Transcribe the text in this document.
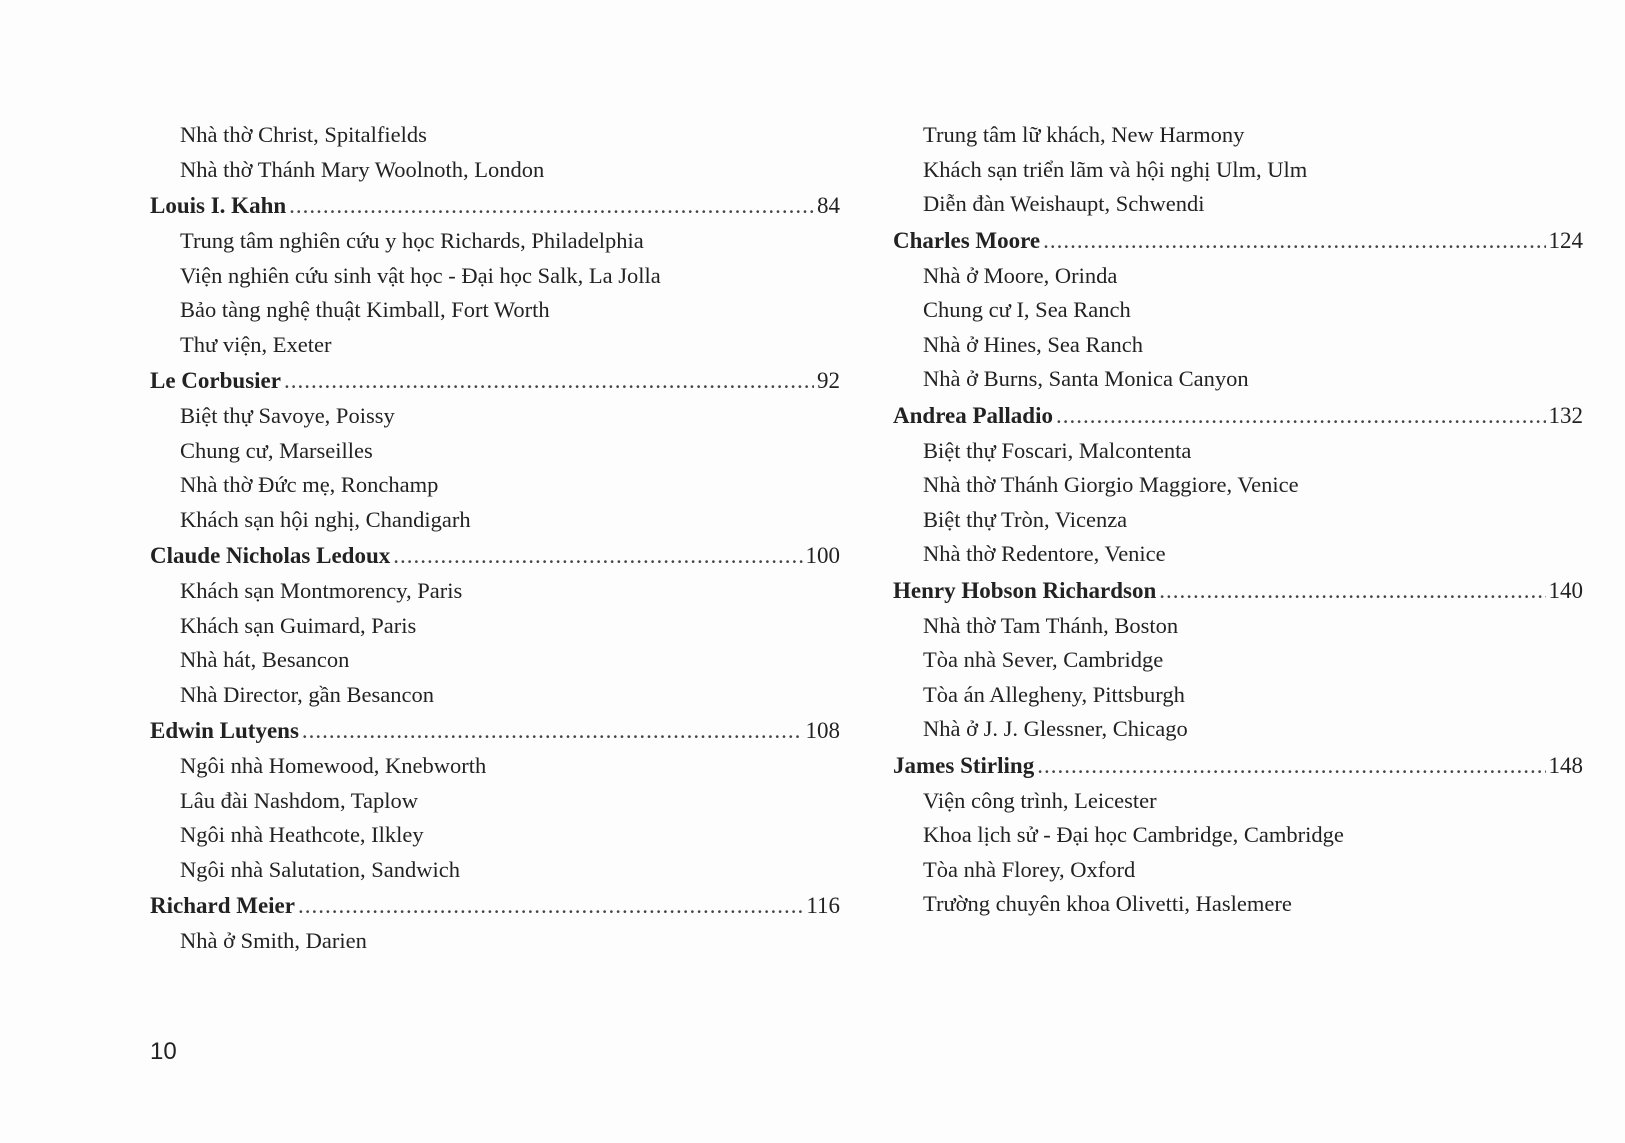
Nhà thờ Christ, Spitalfields
Nhà thờ Thánh Mary Woolnoth, London
Louis I. Kahn .....	84
Trung tâm nghiên cứu y học Richards, Philadelphia
Viện nghiên cứu sinh vật học - Đại học Salk, La Jolla
Bảo tàng nghệ thuật Kimball, Fort Worth
Thư viện, Exeter
Le Corbusier .....	92
Biệt thự Savoye, Poissy
Chung cư, Marseilles
Nhà thờ Đức mẹ, Ronchamp
Khách sạn hội nghị, Chandigarh
Claude Nicholas Ledoux .....	100
Khách sạn Montmorency, Paris
Khách sạn Guimard, Paris
Nhà hát, Besancon
Nhà Director, gần Besancon
Edwin Lutyens .....	108
Ngôi nhà Homewood, Knebworth
Lâu đài Nashdom, Taplow
Ngôi nhà Heathcote, Ilkley
Ngôi nhà Salutation, Sandwich
Richard Meier .....	116
Nhà ở Smith, Darien
Trung tâm lữ khách, New Harmony
Khách sạn triển lãm và hội nghị Ulm, Ulm
Diễn đàn Weishaupt, Schwendi
Charles Moore .....	124
Nhà ở Moore, Orinda
Chung cư I, Sea Ranch
Nhà ở Hines, Sea Ranch
Nhà ở Burns, Santa Monica Canyon
Andrea Palladio .....	132
Biệt thự Foscari, Malcontenta
Nhà thờ Thánh Giorgio Maggiore, Venice
Biệt thự Tròn, Vicenza
Nhà thờ Redentore, Venice
Henry Hobson Richardson .....	140
Nhà thờ Tam Thánh, Boston
Tòa nhà Sever, Cambridge
Tòa án Allegheny, Pittsburgh
Nhà ở J. J. Glessner, Chicago
James Stirling .....	148
Viện công trình, Leicester
Khoa lịch sử - Đại học Cambridge, Cambridge
Tòa nhà Florey, Oxford
Trường chuyên khoa Olivetti, Haslemere
10
